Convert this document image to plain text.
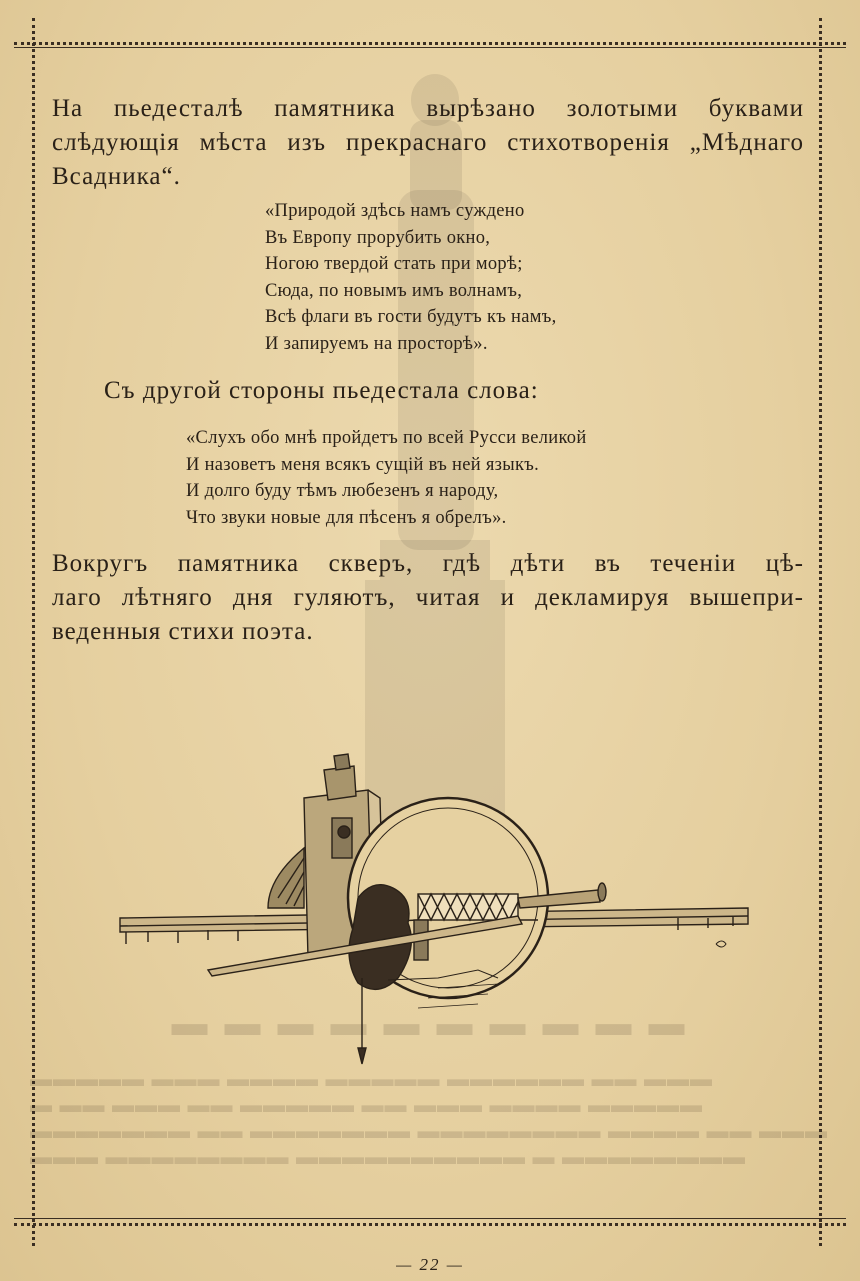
▬ ▬ ▬ ▬ ▬ ▬ ▬ ▬ ▬ ▬
▬▬▬▬▬ ▬▬▬ ▬▬▬▬ ▬▬▬▬▬ ▬▬▬▬▬▬ ▬▬ ▬▬▬
▬ ▬▬ ▬▬▬ ▬▬ ▬▬▬▬▬ ▬▬ ▬▬▬ ▬▬▬▬ ▬▬▬▬▬
▬▬▬▬▬▬▬ ▬▬ ▬▬▬▬▬▬▬ ▬▬▬▬▬▬▬▬ ▬▬▬▬ ▬▬ ▬▬▬
▬▬▬ ▬▬▬▬▬▬▬▬ ▬▬▬▬▬▬▬▬▬▬ ▬ ▬▬▬▬▬▬▬▬
На пьедесталѣ памятника вырѣзано золотыми буквами
слѣдующія мѣста изъ прекраснаго стихотворенія „Мѣднаго
Всадника“.
«Природой здѣсь намъ суждено
Въ Европу прорубить окно,
Ногою твердой стать при морѣ;
Сюда, по новымъ имъ волнамъ,
Всѣ флаги въ гости будутъ къ намъ,
И запируемъ на просторѣ».
Съ другой стороны пьедестала слова:
«Слухъ обо мнѣ пройдетъ по всей Русси великой
И назоветъ меня всякъ сущій въ ней языкъ.
И долго буду тѣмъ любезенъ я народу,
Что звуки новые для пѣсенъ я обрелъ».
Вокругъ памятника скверъ, гдѣ дѣти въ теченіи цѣ-
лаго лѣтняго дня гуляютъ, читая и декламируя вышепри-
веденныя стихи поэта.
— 22 —
